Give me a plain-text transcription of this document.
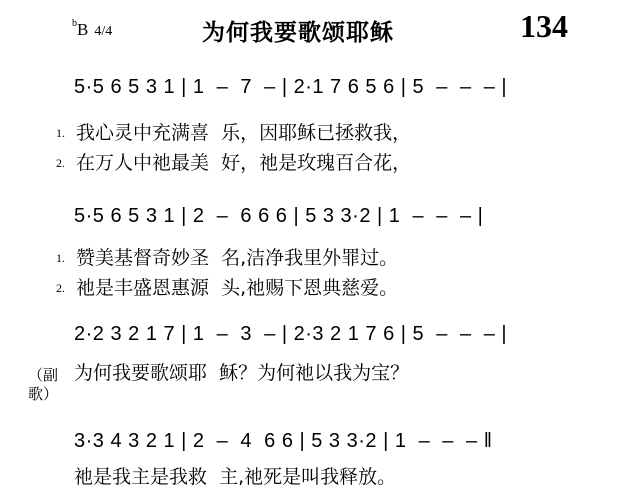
$^b$B 4/4	为何我要歌颂耶稣	134
5·5 6 5 3 1 | 1  –  7  – | 2·1 7 6 5 6 | 5  –  –  – |
1. 我心灵中充满喜  乐，因耶稣已拯救我，
2. 在万人中祂最美  好，祂是玫瑰百合花，
5·5 6 5 3 1 | 2  –  6 6 6 | 5 3 3·2 | 1  –  –  – |
1. 赞美基督奇妙圣  名,洁净我里外罪过。
2. 祂是丰盛恩惠源  头,祂赐下恩典慈爱。
2·2 3 2 1 7 | 1  –  3  – | 2·3 2 1 7 6 | 5  –  –  – |
为何我要歌颂耶  稣？为何祂以我为宝？
（副歌）
3·3 4 3 2 1 | 2  –  4  6 6 | 5 3 3·2 | 1  –  –  – ‖
祂是我主是我救  主,祂死是叫我释放。
